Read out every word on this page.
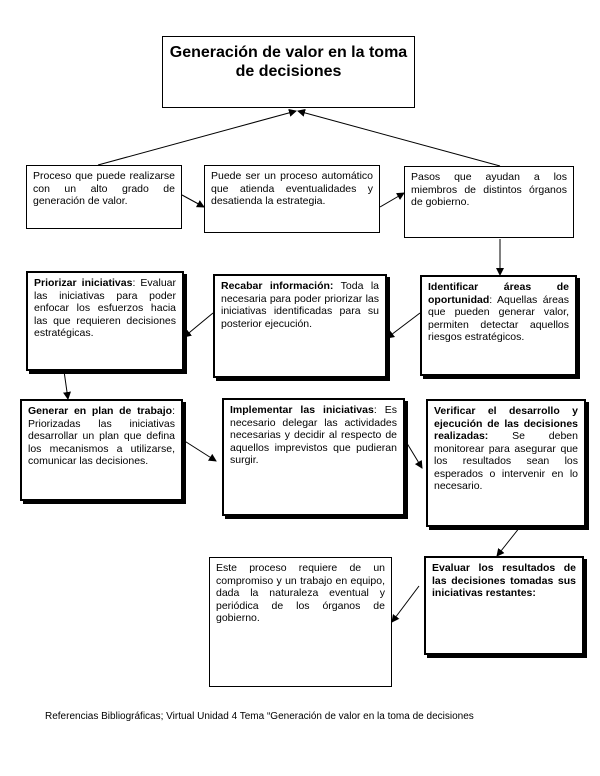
Generación de valor en la toma de decisiones
Proceso que puede realizarse con un alto grado de generación de valor.
Puede ser un proceso automático que atienda eventualidades y desatienda la estrategia.
Pasos que ayudan a los miembros de distintos órganos de gobierno.
Identificar áreas de oportunidad: Aquellas áreas que pueden generar valor, permiten detectar aquellos riesgos estratégicos.
Recabar información: Toda la necesaria para poder priorizar las iniciativas identificadas para su posterior ejecución.
Priorizar iniciativas: Evaluar las iniciativas para poder enfocar los esfuerzos hacia las que requieren decisiones estratégicas.
Generar en plan de trabajo: Priorizadas las iniciativas desarrollar un plan que defina los mecanismos a utilizarse, comunicar las decisiones.
Implementar las iniciativas: Es necesario delegar las actividades necesarias y decidir al respecto de aquellos imprevistos que pudieran surgir.
Verificar el desarrollo y ejecución de las decisiones realizadas: Se deben monitorear para asegurar que los resultados sean los esperados o intervenir en lo necesario.
Evaluar los resultados de las decisiones tomadas sus iniciativas restantes:
Este proceso requiere de un compromiso y un trabajo en equipo, dada la naturaleza eventual y periódica de los órganos de gobierno.
Referencias Bibliográficas; Virtual Unidad 4 Tema “Generación de valor en la toma de decisiones
